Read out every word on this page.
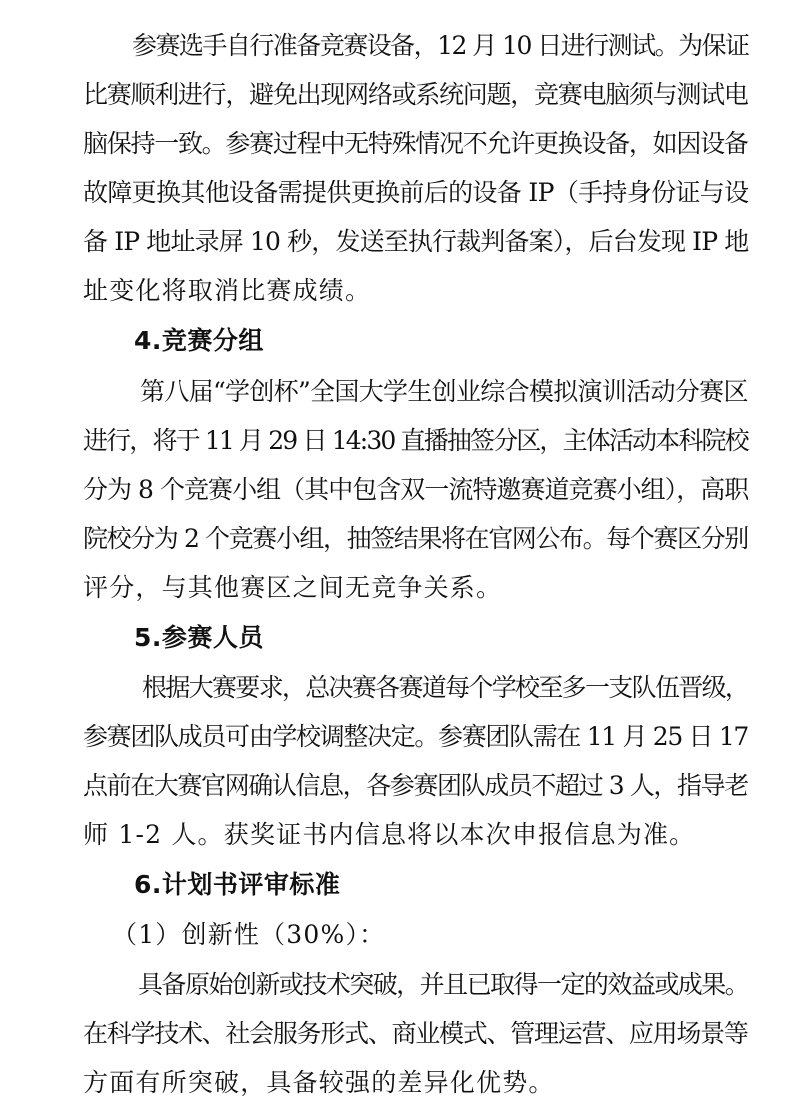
参赛选手自行准备竞赛设备，12 月 10 日进行测试。为保证
比赛顺利进行，避免出现网络或系统问题，竞赛电脑须与测试电
脑保持一致。参赛过程中无特殊情况不允许更换设备，如因设备
故障更换其他设备需提供更换前后的设备 IP（手持身份证与设
备 IP 地址录屏 10 秒，发送至执行裁判备案），后台发现 IP 地
址变化将取消比赛成绩。
4.竞赛分组
第八届“学创杯”全国大学生创业综合模拟演训活动分赛区
进行，将于 11 月 29 日 14:30 直播抽签分区，主体活动本科院校
分为 8 个竞赛小组（其中包含双一流特邀赛道竞赛小组），高职
院校分为 2 个竞赛小组，抽签结果将在官网公布。每个赛区分别
评分，与其他赛区之间无竞争关系。
5.参赛人员
根据大赛要求，总决赛各赛道每个学校至多一支队伍晋级，
参赛团队成员可由学校调整决定。参赛团队需在 11 月 25 日 17
点前在大赛官网确认信息，各参赛团队成员不超过 3 人，指导老
师 1-2 人。获奖证书内信息将以本次申报信息为准。
6.计划书评审标准
（1）创新性（30%）：
具备原始创新或技术突破，并且已取得一定的效益或成果。
在科学技术、社会服务形式、商业模式、管理运营、应用场景等
方面有所突破，具备较强的差异化优势。
